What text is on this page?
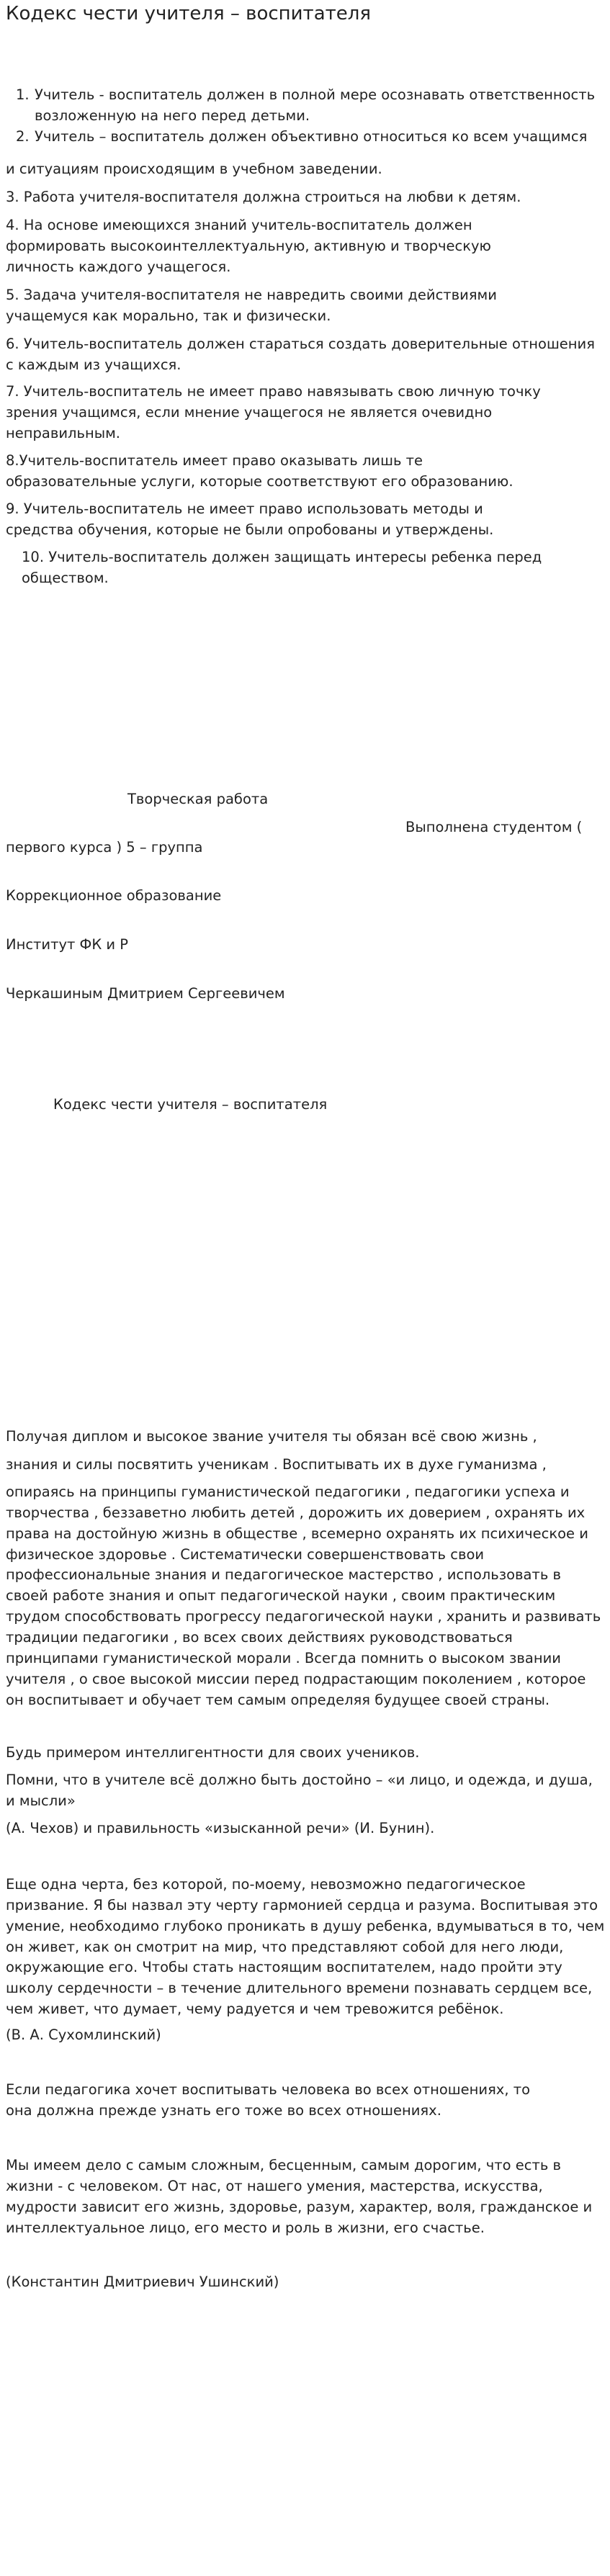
Кодекс чести учителя – воспитателя
1. Учитель - воспитатель должен в полной мере осознавать ответственность возложенную на него перед детьми.
2. Учитель – воспитатель должен объективно относиться ко всем учащимся

и ситуациям происходящим в учебном заведении.

3. Работа учителя-воспитателя должна строиться на любви к детям.

4. На основе имеющихся знаний учитель-воспитатель должен формировать высокоинтеллектуальную, активную и творческую личность каждого учащегося.

5. Задача учителя-воспитателя не навредить своими действиями учащемуся как морально, так и физически.

6. Учитель-воспитатель должен стараться создать доверительные отношения с каждым из учащихся.

7. Учитель-воспитатель не имеет право навязывать свою личную точку зрения учащимся, если мнение учащегося не является очевидно неправильным.

8.Учитель-воспитатель имеет право оказывать лишь те образовательные услуги, которые соответствуют его образованию.

9. Учитель-воспитатель не имеет право использовать методы и средства обучения, которые не были опробованы и утверждены.

10. Учитель-воспитатель должен защищать интересы ребенка перед обществом.

Творческая работа

Выполнена студентом (

первого курса ) 5 – группа

Коррекционное образование

Институт ФК и Р

Черкашиным Дмитрием Сергеевичем

Кодекс чести учителя – воспитателя

Получая диплом и высокое звание учителя ты обязан всё свою жизнь ,

знания и силы посвятить ученикам . Воспитывать их в духе гуманизма ,

опираясь на принципы гуманистической педагогики , педагогики успеха и творчества , беззаветно любить детей , дорожить их доверием , охранять их права на достойную жизнь в обществе , всемерно охранять их психическое и физическое здоровье . Систематически совершенствовать свои профессиональные знания и педагогическое мастерство , использовать в своей работе знания и опыт педагогической науки , своим практическим трудом способствовать прогрессу педагогической науки , хранить и развивать традиции педагогики , во всех своих действиях руководствоваться принципами гуманистической морали . Всегда помнить о высоком звании учителя , о свое высокой миссии перед подрастающим поколением , которое он воспитывает и обучает тем самым определяя будущее своей страны.

Будь примером интеллигентности для своих учеников.

Помни, что в учителе всё должно быть достойно – «и лицо, и одежда, и душа, и мысли»

(А. Чехов) и правильность «изысканной речи» (И. Бунин).

Еще одна черта, без которой, по-моему, невозможно педагогическое призвание. Я бы назвал эту черту гармонией сердца и разума. Воспитывая это умение, необходимо глубоко проникать в душу ребенка, вдумываться в то, чем он живет, как он смотрит на мир, что представляют собой для него люди, окружающие его. Чтобы стать настоящим воспитателем, надо пройти эту школу сердечности – в течение длительного времени познавать сердцем все, чем живет, что думает, чему радуется и чем тревожится ребёнок.

(В. А. Сухомлинский)

Если педагогика хочет воспитывать человека во всех отношениях, то она должна прежде узнать его тоже во всех отношениях.

Мы имеем дело с самым сложным, бесценным, самым дорогим, что есть в жизни - с человеком. От нас, от нашего умения, мастерства, искусства, мудрости зависит его жизнь, здоровье, разум, характер, воля, гражданское и интеллектуальное лицо, его место и роль в жизни, его счастье.

(Константин Дмитриевич Ушинский)
